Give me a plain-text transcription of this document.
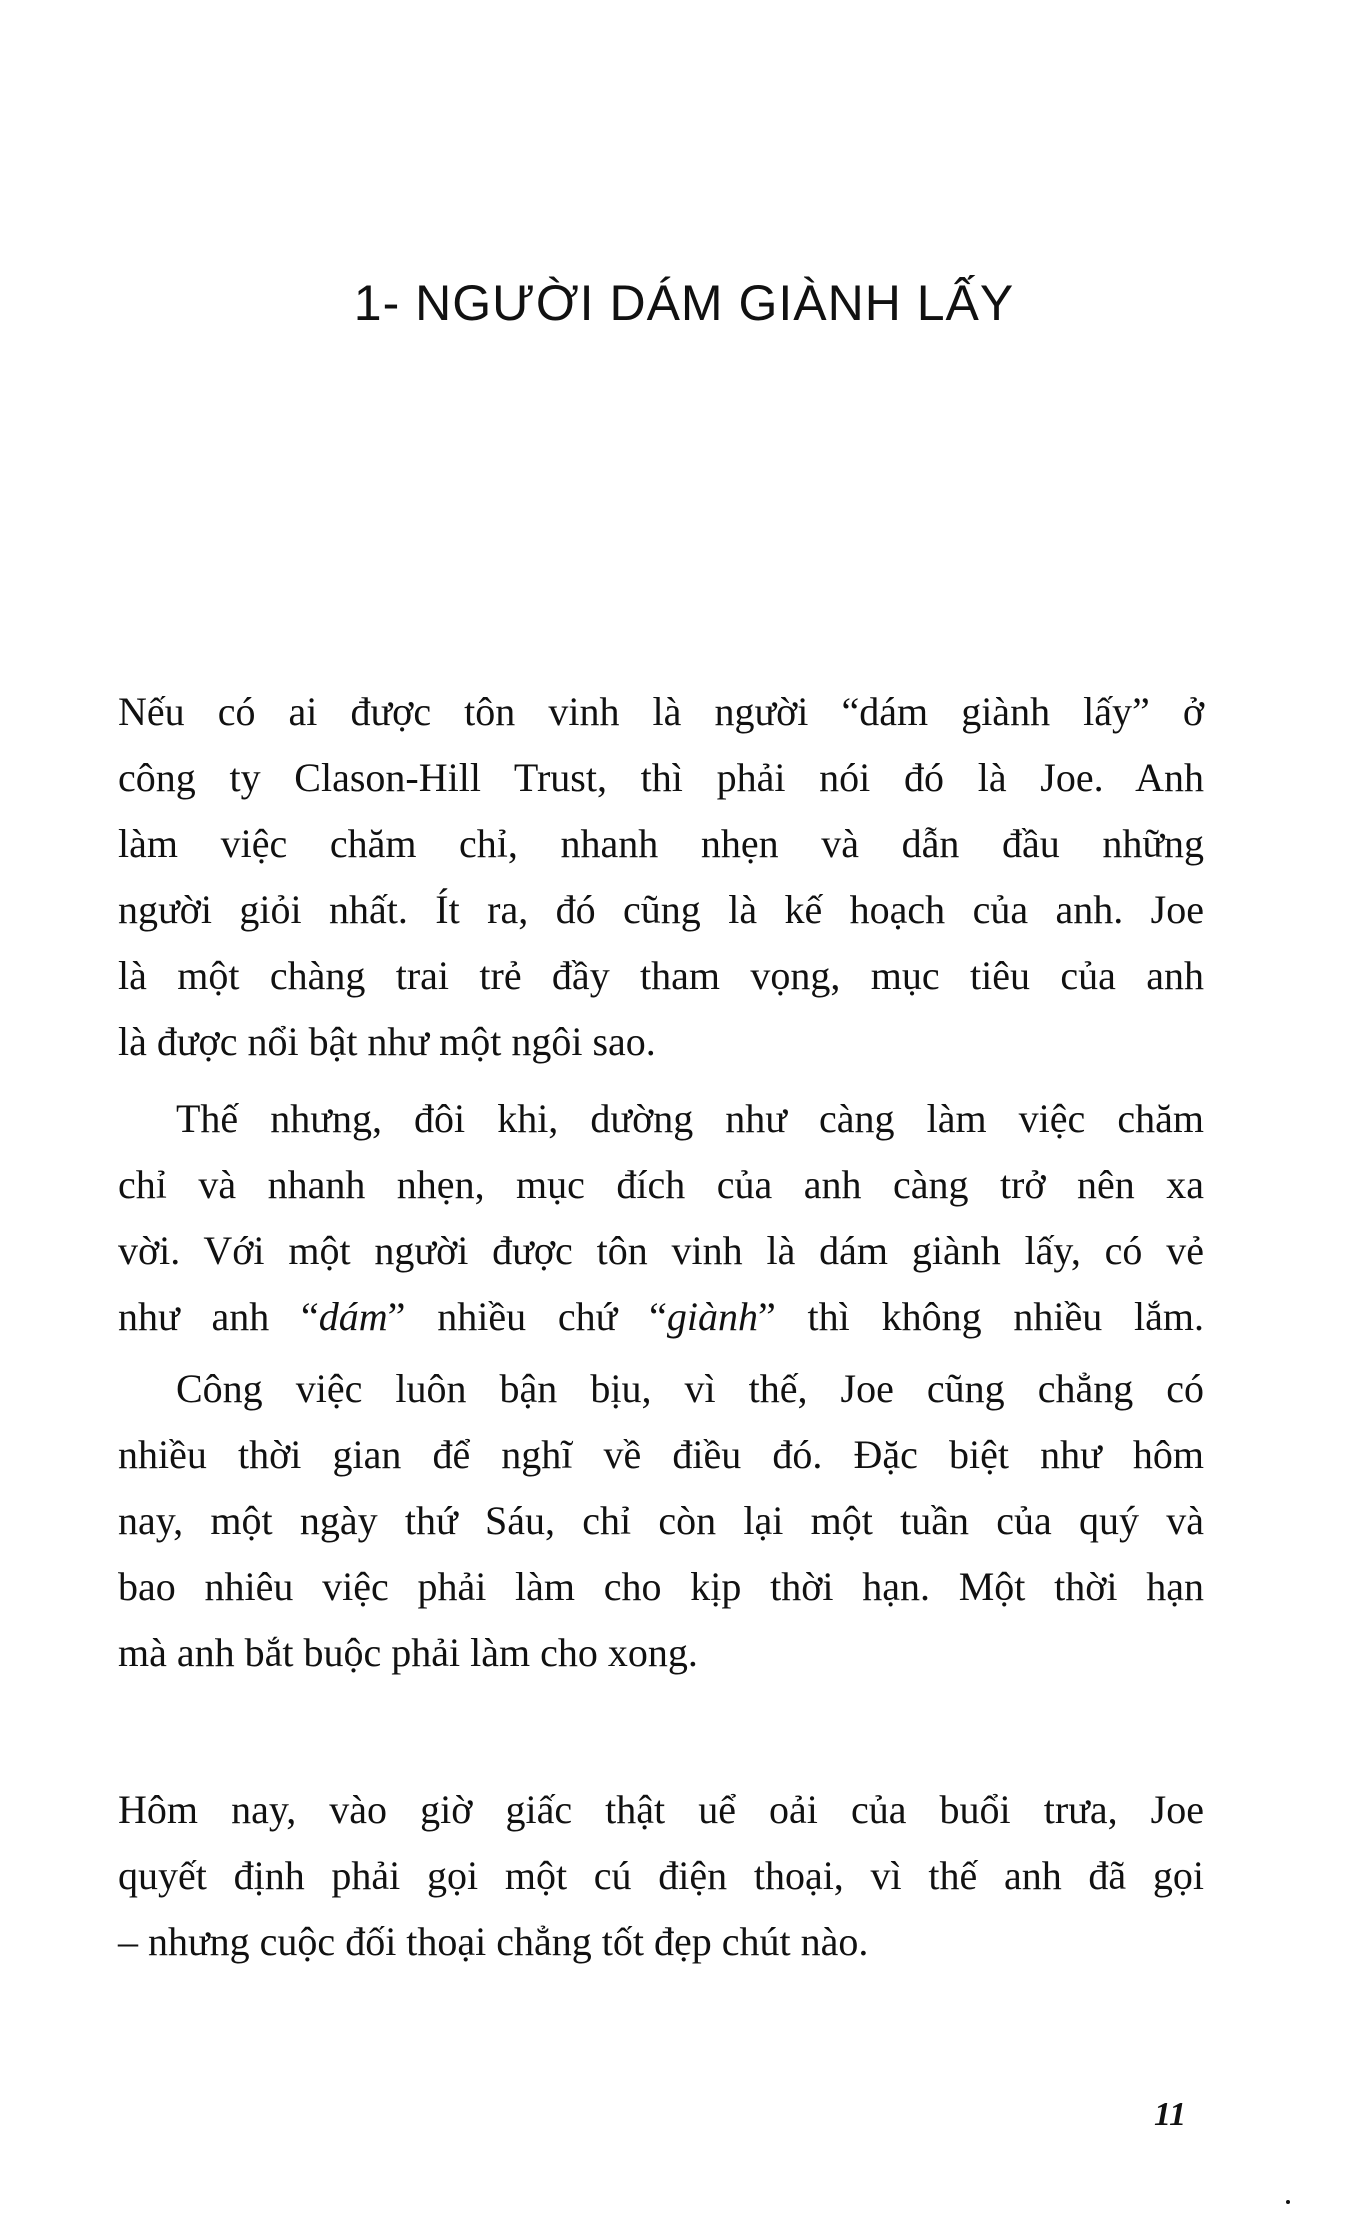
1- NGƯỜI DÁM GIÀNH LẤY
Nếu có ai được tôn vinh là người “dám giành lấy” ở
công ty Clason-Hill Trust, thì phải nói đó là Joe. Anh
làm việc chăm chỉ, nhanh nhẹn và dẫn đầu những
người giỏi nhất. Ít ra, đó cũng là kế hoạch của anh. Joe
là một chàng trai trẻ đầy tham vọng, mục tiêu của anh
là được nổi bật như một ngôi sao.
Thế nhưng, đôi khi, dường như càng làm việc chăm
chỉ và nhanh nhẹn, mục đích của anh càng trở nên xa
vời. Với một người được tôn vinh là dám giành lấy, có vẻ
như anh “dám” nhiều chứ “giành” thì không nhiều lắm.
Công việc luôn bận bịu, vì thế, Joe cũng chẳng có
nhiều thời gian để nghĩ về điều đó. Đặc biệt như hôm
nay, một ngày thứ Sáu, chỉ còn lại một tuần của quý và
bao nhiêu việc phải làm cho kịp thời hạn. Một thời hạn
mà anh bắt buộc phải làm cho xong.
Hôm nay, vào giờ giấc thật uể oải của buổi trưa, Joe
quyết định phải gọi một cú điện thoại, vì thế anh đã gọi
– nhưng cuộc đối thoại chẳng tốt đẹp chút nào.
11
